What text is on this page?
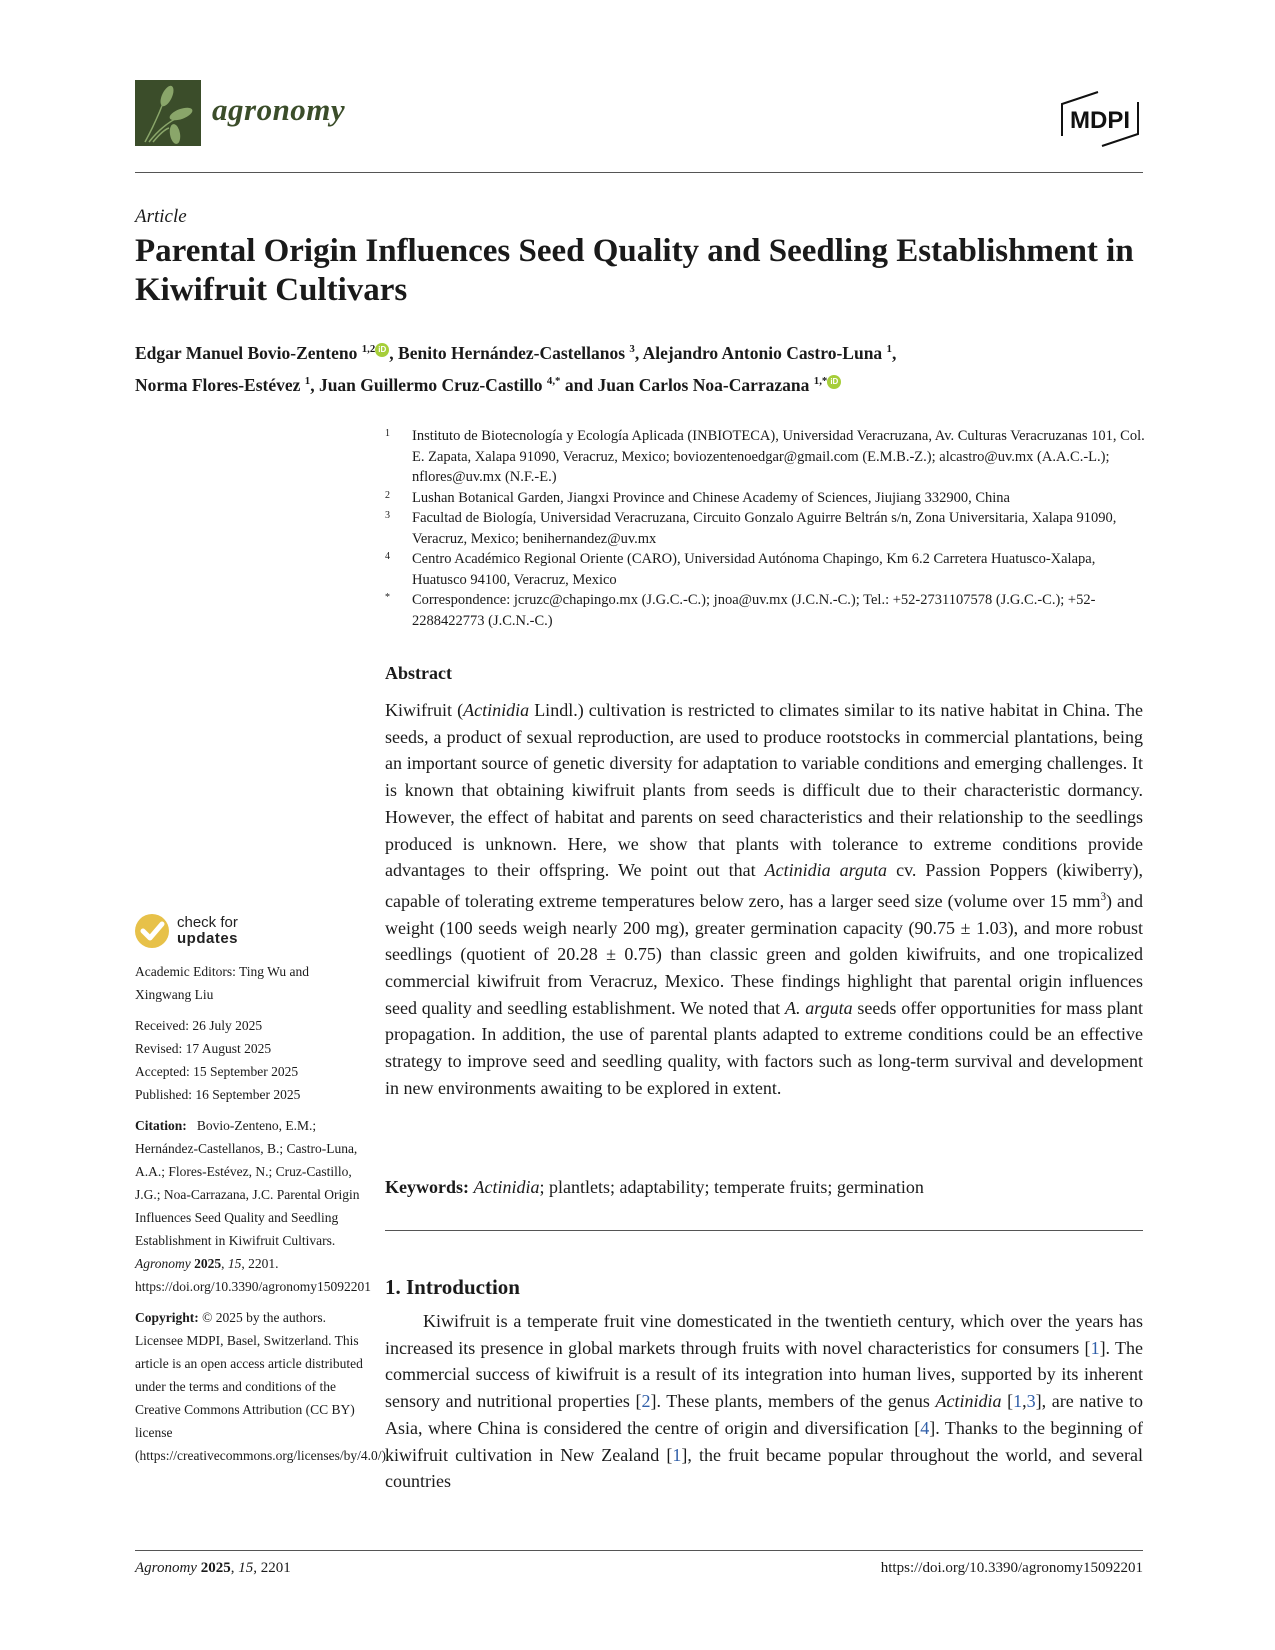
agronomy	MDPI
Article
Parental Origin Influences Seed Quality and Seedling Establishment in Kiwifruit Cultivars
Edgar Manuel Bovio-Zenteno $^{1,2}$ iD , Benito Hernández-Castellanos $^3$, Alejandro Antonio Castro-Luna $^1$,
Norma Flores-Estévez $^1$, Juan Guillermo Cruz-Castillo $^{4,*}$ and Juan Carlos Noa-Carrazana $^{1,*}$ iD
1	Instituto de Biotecnología y Ecología Aplicada (INBIOTECA), Universidad Veracruzana, Av. Culturas Veracruzanas 101, Col. E. Zapata, Xalapa 91090, Veracruz, Mexico; boviozentenoedgar@gmail.com (E.M.B.-Z.); alcastro@uv.mx (A.A.C.-L.); nflores@uv.mx (N.F.-E.)
2	Lushan Botanical Garden, Jiangxi Province and Chinese Academy of Sciences, Jiujiang 332900, China
3	Facultad de Biología, Universidad Veracruzana, Circuito Gonzalo Aguirre Beltrán s/n, Zona Universitaria, Xalapa 91090, Veracruz, Mexico; benihernandez@uv.mx
4	Centro Académico Regional Oriente (CARO), Universidad Autónoma Chapingo, Km 6.2 Carretera Huatusco-Xalapa, Huatusco 94100, Veracruz, Mexico
*	Correspondence: jcruzc@chapingo.mx (J.G.C.-C.); jnoa@uv.mx (J.C.N.-C.); Tel.: +52-2731107578 (J.G.C.-C.); +52-2288422773 (J.C.N.-C.)
Abstract
Kiwifruit (Actinidia Lindl.) cultivation is restricted to climates similar to its native habitat in China. The seeds, a product of sexual reproduction, are used to produce rootstocks in commercial plantations, being an important source of genetic diversity for adaptation to variable conditions and emerging challenges. It is known that obtaining kiwifruit plants from seeds is difficult due to their characteristic dormancy. However, the effect of habitat and parents on seed characteristics and their relationship to the seedlings produced is unknown. Here, we show that plants with tolerance to extreme conditions provide advantages to their offspring. We point out that Actinidia arguta cv. Passion Poppers (kiwiberry), capable of tolerating extreme temperatures below zero, has a larger seed size (volume over 15 $mm^3$) and weight (100 seeds weigh nearly 200 mg), greater germination capacity (90.75 ± 1.03), and more robust seedlings (quotient of 20.28 ± 0.75) than classic green and golden kiwifruits, and one tropicalized commercial kiwifruit from Veracruz, Mexico. These findings highlight that parental origin influences seed quality and seedling establishment. We noted that A. arguta seeds offer opportunities for mass plant propagation. In addition, the use of parental plants adapted to extreme conditions could be an effective strategy to improve seed and seedling quality, with factors such as long-term survival and development in new environments awaiting to be explored in extent.
Keywords: Actinidia; plantlets; adaptability; temperate fruits; germination
1. Introduction
Kiwifruit is a temperate fruit vine domesticated in the twentieth century, which over the years has increased its presence in global markets through fruits with novel characteristics for consumers [1]. The commercial success of kiwifruit is a result of its integration into human lives, supported by its inherent sensory and nutritional properties [2]. These plants, members of the genus Actinidia [1,3], are native to Asia, where China is considered the centre of origin and diversification [4]. Thanks to the beginning of kiwifruit cultivation in New Zealand [1], the fruit became popular throughout the world, and several countries
check for
updates
Academic Editors: Ting Wu and Xingwang Liu
Received: 26 July 2025
Revised: 17 August 2025
Accepted: 15 September 2025
Published: 16 September 2025
Citation: Bovio-Zenteno, E.M.; Hernández-Castellanos, B.; Castro-Luna, A.A.; Flores-Estévez, N.; Cruz-Castillo, J.G.; Noa-Carrazana, J.C. Parental Origin Influences Seed Quality and Seedling Establishment in Kiwifruit Cultivars. Agronomy 2025, 15, 2201. https://doi.org/10.3390/agronomy15092201
Copyright: © 2025 by the authors. Licensee MDPI, Basel, Switzerland. This article is an open access article distributed under the terms and conditions of the Creative Commons Attribution (CC BY) license (https://creativecommons.org/licenses/by/4.0/).
Agronomy 2025, 15, 2201	https://doi.org/10.3390/agronomy15092201
